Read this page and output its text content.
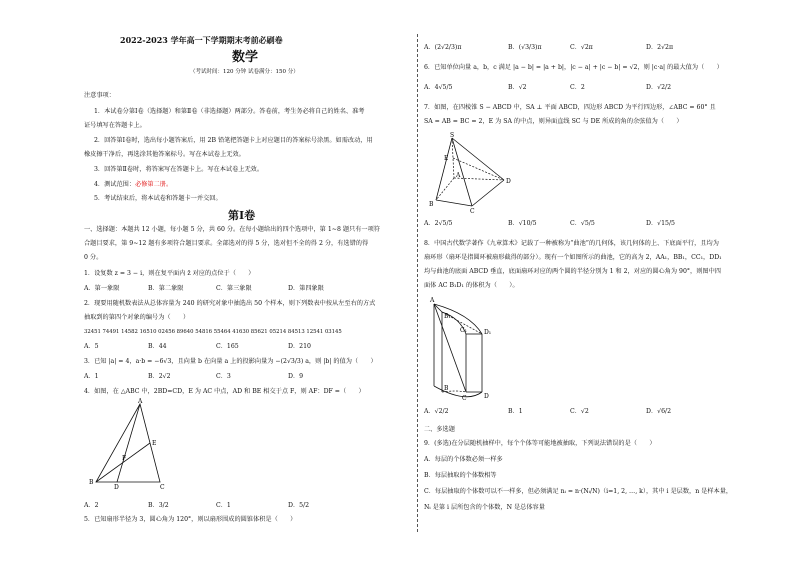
2022-2023 学年高一下学期期末考前必刷卷
数学
（考试时间：120 分钟 试卷满分：150 分）
注意事项：
1．本试卷分第Ⅰ卷（选择题）和第Ⅱ卷（非选择题）两部分。答卷前，考生务必将自己的姓名、准考
证号填写在答题卡上。
2．回答第Ⅰ卷时，选出每小题答案后，用 2B 铅笔把答题卡上对应题目的答案标号涂黑。如需改动，用
橡皮擦干净后，再选涂其他答案标号。写在本试卷上无效。
3．回答第Ⅱ卷时，将答案写在答题卡上。写在本试卷上无效。
4．测试范围：必修第二册。
5．考试结束后，将本试卷和答题卡一并交回。
第Ⅰ卷
一、选择题：本题共 12 小题，每小题 5 分，共 60 分。在每小题给出的四个选项中，第 1~8 题只有一项符
合题目要求，第 9~12 题有多项符合题目要求。全部选对的得 5 分，选对但不全的得 2 分，有选错的得
0 分。
1．设复数 z = 3 − i，则在复平面内 z̄ 对应的点位于（　　）
A．第一象限	B．第二象限	C．第三象限	D．第四象限
2．现要用随机数表法从总体容量为 240 的研究对象中抽选出 50 个样本，则下列数表中按从左至右的方式
抽取到的第四个对象的编号为（　　）
32451 74491 14582 16510 02456 89640 54816 55464 41630 85621 05214 84513 12541 03145
A．5	B．44	C．165	D．210
3．已知 |a| = 4，a·b = −6√3，且向量 b 在向量 a 上的投影向量为 −(2√3/3) a，则 |b| 的值为（　　）
A．1	B．2√2	C．3	D．9
4．如图，在 △ABC 中，2BD=CD，E 为 AC 中点，AD 和 BE 相交于点 F，则 AF：DF =（　　）
A
E
F
B
D	C
A．2	B．3/2	C．1	D．5/2
5．已知扇形半径为 3，圆心角为 120°，则以扇形围成的圆锥体积是（　　）
A．(2√2/3)π	B．(√3/3)π	C．√2π	D．2√2π
6．已知单位向量 a，b，c 满足 |a − b| = |a + b|，|c − a| + |c − b| = √2，则 |c·a| 的最大值为（　　）
A．4√5/5	B．√2	C．2	D．√2/2
7．如图，在四棱锥 S − ABCD 中，SA ⊥ 平面 ABCD，四边形 ABCD 为平行四边形，∠ABC = 60° 且
SA = AB = BC = 2，E 为 SA 的中点，则异面直线 SC 与 DE 所成的角的余弦值为（　　）
S
E
A
B
C
D
A．2√5/5	B．√10/5	C．√5/5	D．√15/5
8．中国古代数学著作《九章算术》记载了一种被称为“曲池”的几何体，该几何体的上、下底面平行，且均为
扇环形（扇环是指圆环被扇形截得的部分）。现有一个如图所示的曲池，它的高为 2，AA₁，BB₁，CC₁，DD₁
均与曲池的底面 ABCD 垂直，底面扇环对应的两个圆的半径分别为 1 和 2，对应的圆心角为 90°，则图中四
面体 AC B₁D₁ 的体积为（　　）。
A
B₁
C₁	D₁
B
C	D
A．√2/2	B．1	C．√2	D．√6/2
二、多选题
9．(多选)在分层随机抽样中，每个个体等可能地被抽取，下列说法错误的是（　　）
A．每层的个体数必须一样多
B．每层抽取的个体数相等
C．每层抽取的个体数可以不一样多，但必须满足 nᵢ = n·(Nᵢ/N)（i=1, 2, …, k），其中 i 是层数，n 是样本量，
Nᵢ 是第 i 层所包含的个体数，N 是总体容量
